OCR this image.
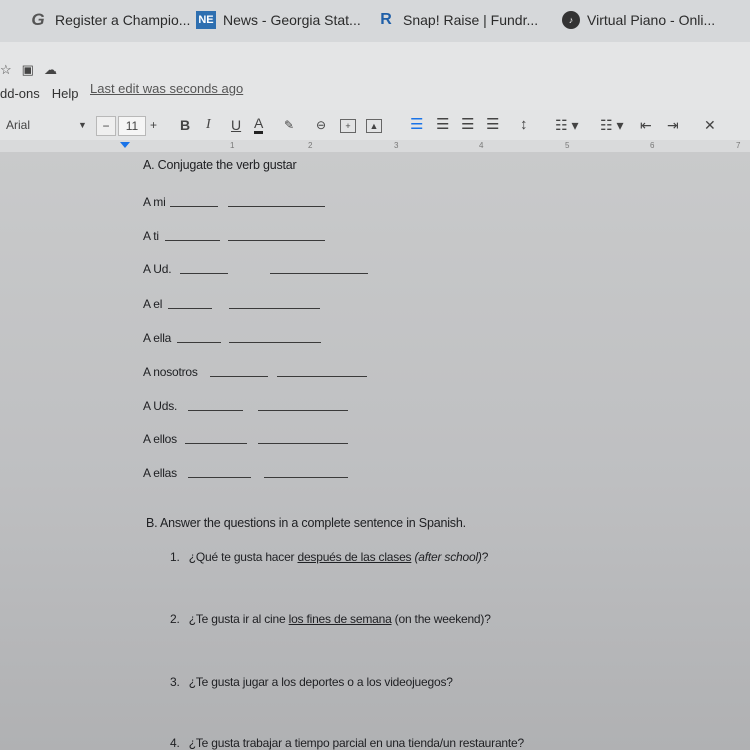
G Register a Champio... NE News - Georgia Stat... R Snap! Raise | Fundr...	♪ Virtual Piano - Onli...
☆ ▣ ☁
dd-ons Help Last edit was seconds ago
Arial	▼	−	11 + B I U A ✎ ⊖	+	▲ ☰ ☰ ☰ ☰ ↕ ☷ ▾ ☷ ▾ ⇤ ⇥ ✕
1	2	3	4	5	6	7
A. Conjugate the verb gustar
A mi
A ti
A Ud.
A el
A ella
A nosotros
A Uds.
A ellos
A ellas
B. Answer the questions in a complete sentence in Spanish.
1. ¿Qué te gusta hacer después de las clases (after school)?
2. ¿Te gusta ir al cine los fines de semana (on the weekend)?
3. ¿Te gusta jugar a los deportes o a los videojuegos?
4. ¿Te gusta trabajar a tiempo parcial en una tienda/un restaurante?
